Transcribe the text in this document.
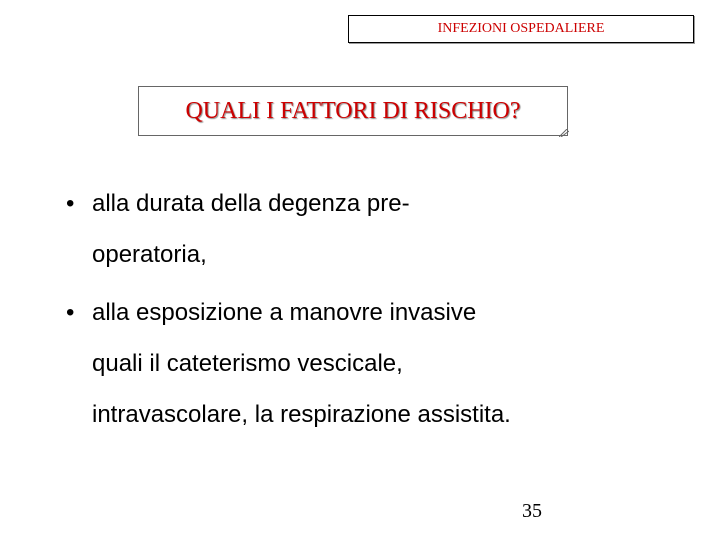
INFEZIONI OSPEDALIERE
QUALI I FATTORI DI RISCHIO?
• alla durata della degenza pre-
operatoria,
• alla esposizione a manovre invasive
quali il cateterismo vescicale,
intravascolare, la respirazione assistita.
35
